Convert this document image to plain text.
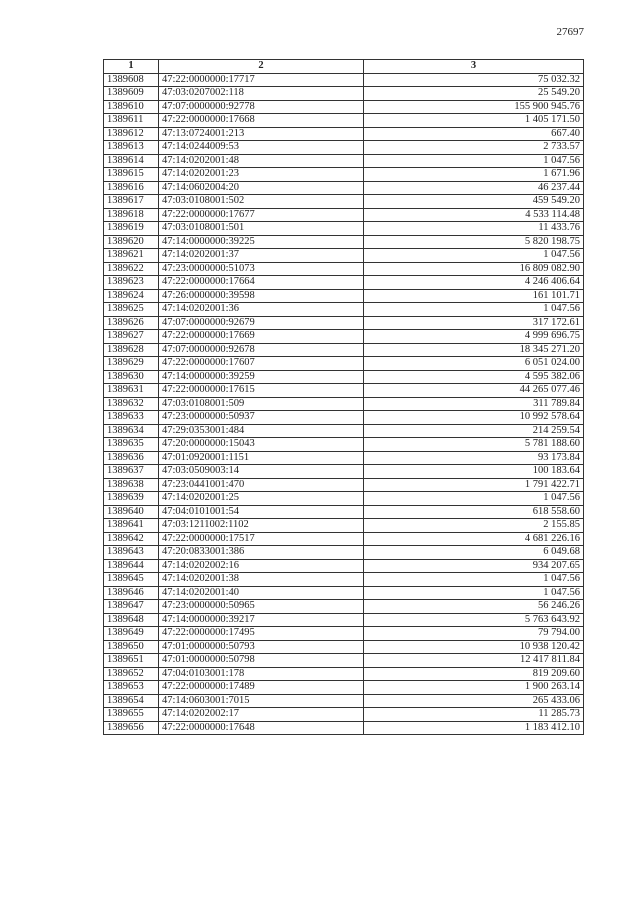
27697
1	2	3
1389608	47:22:0000000:17717	75 032.32
1389609	47:03:0207002:118	25 549.20
1389610	47:07:0000000:92778	155 900 945.76
1389611	47:22:0000000:17668	1 405 171.50
1389612	47:13:0724001:213	667.40
1389613	47:14:0244009:53	2 733.57
1389614	47:14:0202001:48	1 047.56
1389615	47:14:0202001:23	1 671.96
1389616	47:14:0602004:20	46 237.44
1389617	47:03:0108001:502	459 549.20
1389618	47:22:0000000:17677	4 533 114.48
1389619	47:03:0108001:501	11 433.76
1389620	47:14:0000000:39225	5 820 198.75
1389621	47:14:0202001:37	1 047.56
1389622	47:23:0000000:51073	16 809 082.90
1389623	47:22:0000000:17664	4 246 406.64
1389624	47:26:0000000:39598	161 101.71
1389625	47:14:0202001:36	1 047.56
1389626	47:07:0000000:92679	317 172.61
1389627	47:22:0000000:17669	4 999 696.75
1389628	47:07:0000000:92678	18 345 271.20
1389629	47:22:0000000:17607	6 051 024.00
1389630	47:14:0000000:39259	4 595 382.06
1389631	47:22:0000000:17615	44 265 077.46
1389632	47:03:0108001:509	311 789.84
1389633	47:23:0000000:50937	10 992 578.64
1389634	47:29:0353001:484	214 259.54
1389635	47:20:0000000:15043	5 781 188.60
1389636	47:01:0920001:1151	93 173.84
1389637	47:03:0509003:14	100 183.64
1389638	47:23:0441001:470	1 791 422.71
1389639	47:14:0202001:25	1 047.56
1389640	47:04:0101001:54	618 558.60
1389641	47:03:1211002:1102	2 155.85
1389642	47:22:0000000:17517	4 681 226.16
1389643	47:20:0833001:386	6 049.68
1389644	47:14:0202002:16	934 207.65
1389645	47:14:0202001:38	1 047.56
1389646	47:14:0202001:40	1 047.56
1389647	47:23:0000000:50965	56 246.26
1389648	47:14:0000000:39217	5 763 643.92
1389649	47:22:0000000:17495	79 794.00
1389650	47:01:0000000:50793	10 938 120.42
1389651	47:01:0000000:50798	12 417 811.84
1389652	47:04:0103001:178	819 209.60
1389653	47:22:0000000:17489	1 900 263.14
1389654	47:14:0603001:7015	265 433.06
1389655	47:14:0202002:17	11 285.73
1389656	47:22:0000000:17648	1 183 412.10
